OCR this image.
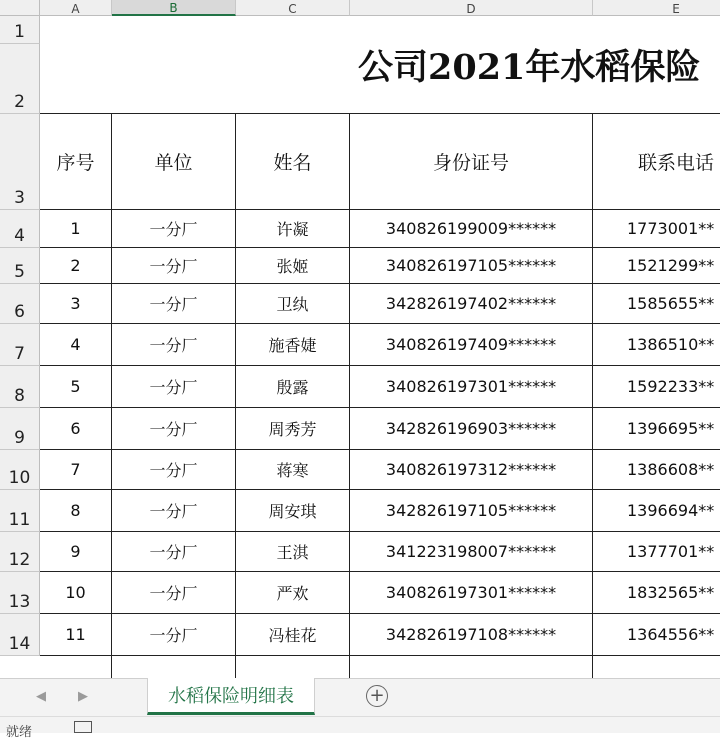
A	B	C	D	E
1
2
3
4
5
6
7
8
9
10
11
12
13
14
公司2021年水稻保险
序号	单位	姓名	身份证号	联系电话
1	一分厂	许凝	340826199009******	1773001**
2	一分厂	张姬	340826197105******	1521299**
3	一分厂	卫纨	342826197402******	1585655**
4	一分厂	施香婕	340826197409******	1386510**
5	一分厂	殷露	340826197301******	1592233**
6	一分厂	周秀芳	342826196903******	1396695**
7	一分厂	蒋寒	340826197312******	1386608**
8	一分厂	周安琪	342826197105******	1396694**
9	一分厂	王淇	341223198007******	1377701**
10	一分厂	严欢	340826197301******	1832565**
11	一分厂	冯桂花	342826197108******	1364556**
◀ ▶	水稻保险明细表	+
就绪
